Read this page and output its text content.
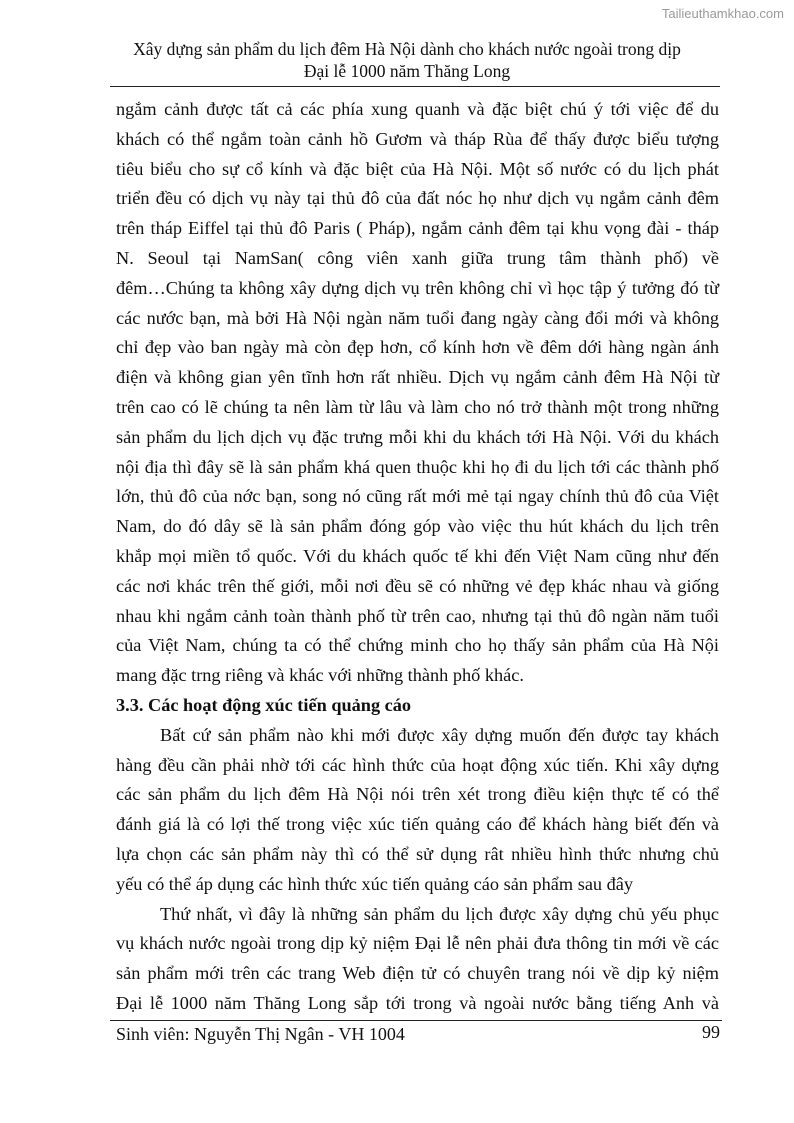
Tailieuthamkhao.com
Xây dựng sản phẩm du lịch đêm Hà Nội dành cho khách nước ngoài trong dịp
Đại lễ 1000 năm Thăng Long
ngắm cảnh được tất cả các phía xung quanh và đặc biệt chú ý tới việc để du
khách có thể ngắm toàn cảnh hồ Gươm và tháp Rùa để thấy được biểu tượng
tiêu biểu cho sự cổ kính và đặc biệt của Hà Nội. Một số nước có du lịch phát
triển đều có dịch vụ này tại thủ đô của đất nóc họ như dịch vụ ngắm cảnh đêm
trên tháp Eiffel tại thủ đô Paris ( Pháp), ngắm cảnh đêm tại khu vọng đài - tháp
N. Seoul tại NamSan( công viên xanh giữa trung tâm thành phố) về
đêm…Chúng ta không xây dựng dịch vụ trên không chỉ vì học tập ý tưởng đó từ
các nước bạn, mà bởi Hà Nội ngàn năm tuổi đang ngày càng đổi mới và không
chỉ đẹp vào ban ngày mà còn đẹp hơn, cổ kính hơn về đêm dới hàng ngàn ánh
điện và không gian yên tĩnh hơn rất nhiều. Dịch vụ ngắm cảnh đêm Hà Nội từ
trên cao có lẽ chúng ta nên làm từ lâu và làm cho nó trở thành một trong những
sản phẩm du lịch dịch vụ đặc trưng mỗi khi du khách tới Hà Nội. Với du khách
nội địa thì đây sẽ là sản phẩm khá quen thuộc khi họ đi du lịch tới các thành phố
lớn, thủ đô của nớc bạn, song nó cũng rất mới mẻ tại ngay chính thủ đô của Việt
Nam, do đó dây sẽ là sản phẩm đóng góp vào việc thu hút khách du lịch trên
khắp mọi miền tổ quốc. Với du khách quốc tế khi đến Việt Nam cũng như đến
các nơi khác trên thế giới, mỗi nơi đều sẽ có những vẻ đẹp khác nhau và giống
nhau khi ngắm cảnh toàn thành phố từ trên cao, nhưng tại thủ đô ngàn năm tuổi
của Việt Nam, chúng ta có thể chứng minh cho họ thấy sản phẩm của Hà Nội
mang đặc trng riêng và khác với những thành phố khác.
3.3. Các hoạt động xúc tiến quảng cáo
Bất cứ sản phẩm nào khi mới được xây dựng muốn đến được tay khách
hàng đều cần phải nhờ tới các hình thức của hoạt động xúc tiến. Khi xây dựng
các sản phẩm du lịch đêm Hà Nội nói trên xét trong điều kiện thực tế có thể
đánh giá là có lợi thế trong việc xúc tiến quảng cáo để khách hàng biết đến và
lựa chọn các sản phẩm này thì có thể sử dụng rât nhiều hình thức nhưng chủ
yếu có thể áp dụng các hình thức xúc tiến quảng cáo sản phẩm sau đây
Thứ nhất, vì đây là những sản phẩm du lịch được xây dựng chủ yếu phục
vụ khách nước ngoài trong dịp kỷ niệm Đại lễ nên phải đưa thông tin mới về các
sản phẩm mới trên các trang Web điện tử có chuyên trang nói về dịp kỷ niệm
Đại lễ 1000 năm Thăng Long sắp tới trong và ngoài nước bằng tiếng Anh và
Sinh viên: Nguyễn Thị Ngân - VH 1004	99
